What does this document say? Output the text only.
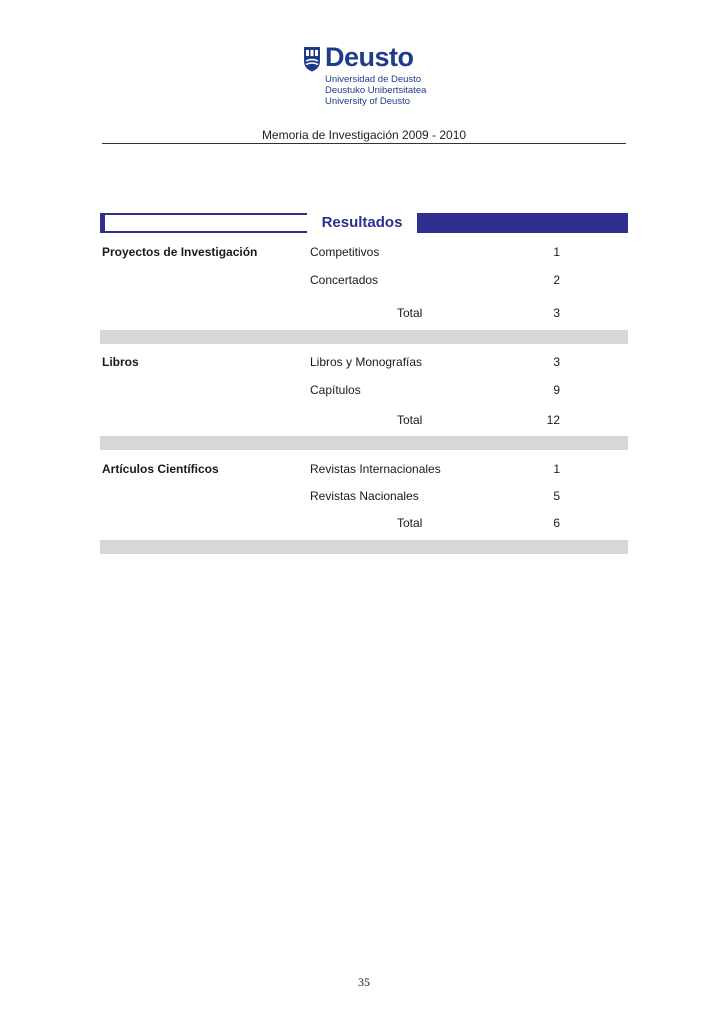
Deusto
Universidad de Deusto
Deustuko Unibertsitatea
University of Deusto
Memoria de Investigación 2009 - 2010
Resultados
Proyectos de Investigación	Competitivos	1
Concertados	2
Total	3
Libros	Libros y Monografías	3
Capítulos	9
Total	12
Artículos Científicos	Revistas Internacionales	1
Revistas Nacionales	5
Total	6
35
